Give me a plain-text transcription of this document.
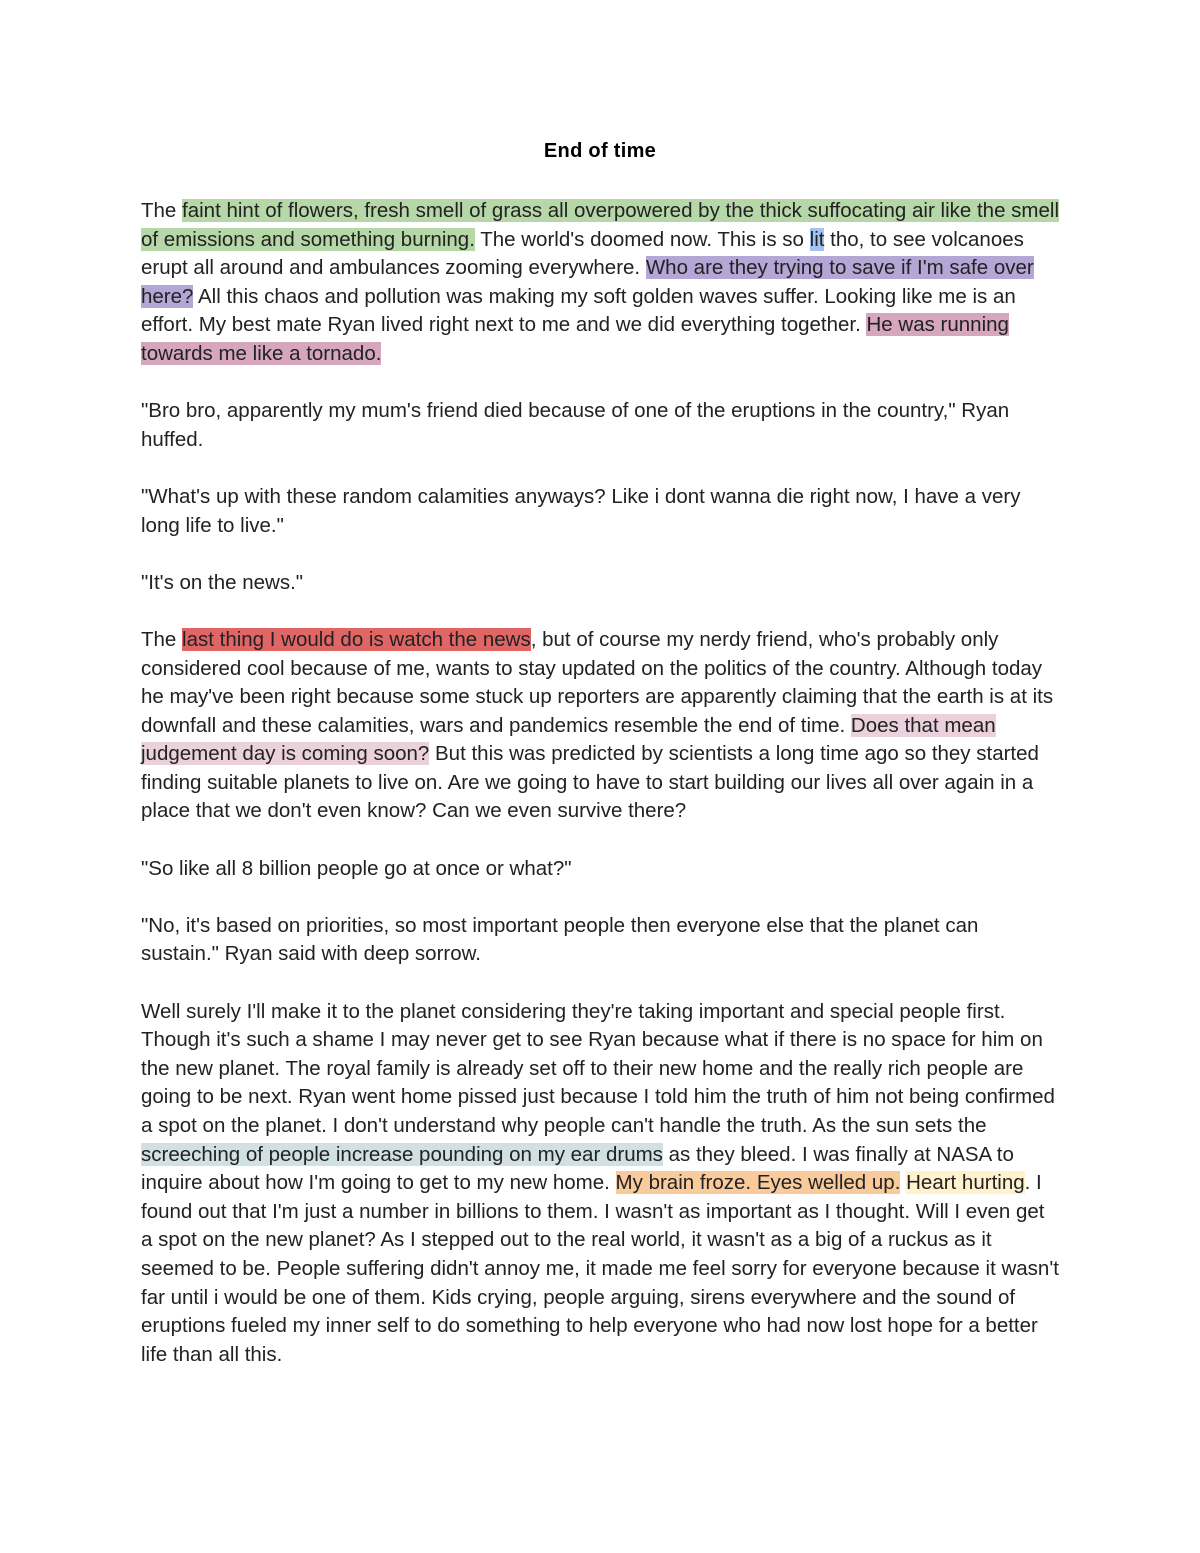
End of time

The faint hint of flowers, fresh smell of grass all overpowered by the thick suffocating air like the smell of emissions and something burning. The world's doomed now. This is so lit tho, to see volcanoes erupt all around and ambulances zooming everywhere. Who are they trying to save if I'm safe over here? All this chaos and pollution was making my soft golden waves suffer. Looking like me is an effort. My best mate Ryan lived right next to me and we did everything together. He was running towards me like a tornado.

"Bro bro, apparently my mum's friend died because of one of the eruptions in the country," Ryan huffed.

"What's up with these random calamities anyways? Like i dont wanna die right now, I have a very long life to live."

"It's on the news."

The last thing I would do is watch the news, but of course my nerdy friend, who's probably only considered cool because of me, wants to stay updated on the politics of the country. Although today he may've been right because some stuck up reporters are apparently claiming that the earth is at its downfall and these calamities, wars and pandemics resemble the end of time. Does that mean judgement day is coming soon? But this was predicted by scientists a long time ago so they started finding suitable planets to live on. Are we going to have to start building our lives all over again in a place that we don't even know? Can we even survive there?

"So like all 8 billion people go at once or what?"

"No, it's based on priorities, so most important people then everyone else that the planet can sustain." Ryan said with deep sorrow.

Well surely I'll make it to the planet considering they're taking important and special people first. Though it's such a shame I may never get to see Ryan because what if there is no space for him on the new planet. The royal family is already set off to their new home and the really rich people are going to be next. Ryan went home pissed just because I told him the truth of him not being confirmed a spot on the planet. I don't understand why people can't handle the truth. As the sun sets the screeching of people increase pounding on my ear drums as they bleed. I was finally at NASA to inquire about how I'm going to get to my new home. My brain froze. Eyes welled up. Heart hurting. I found out that I'm just a number in billions to them. I wasn't as important as I thought. Will I even get a spot on the new planet? As I stepped out to the real world, it wasn't as a big of a ruckus as it seemed to be. People suffering didn't annoy me, it made me feel sorry for everyone because it wasn't far until i would be one of them. Kids crying, people arguing, sirens everywhere and the sound of eruptions fueled my inner self to do something to help everyone who had now lost hope for a better life than all this.
